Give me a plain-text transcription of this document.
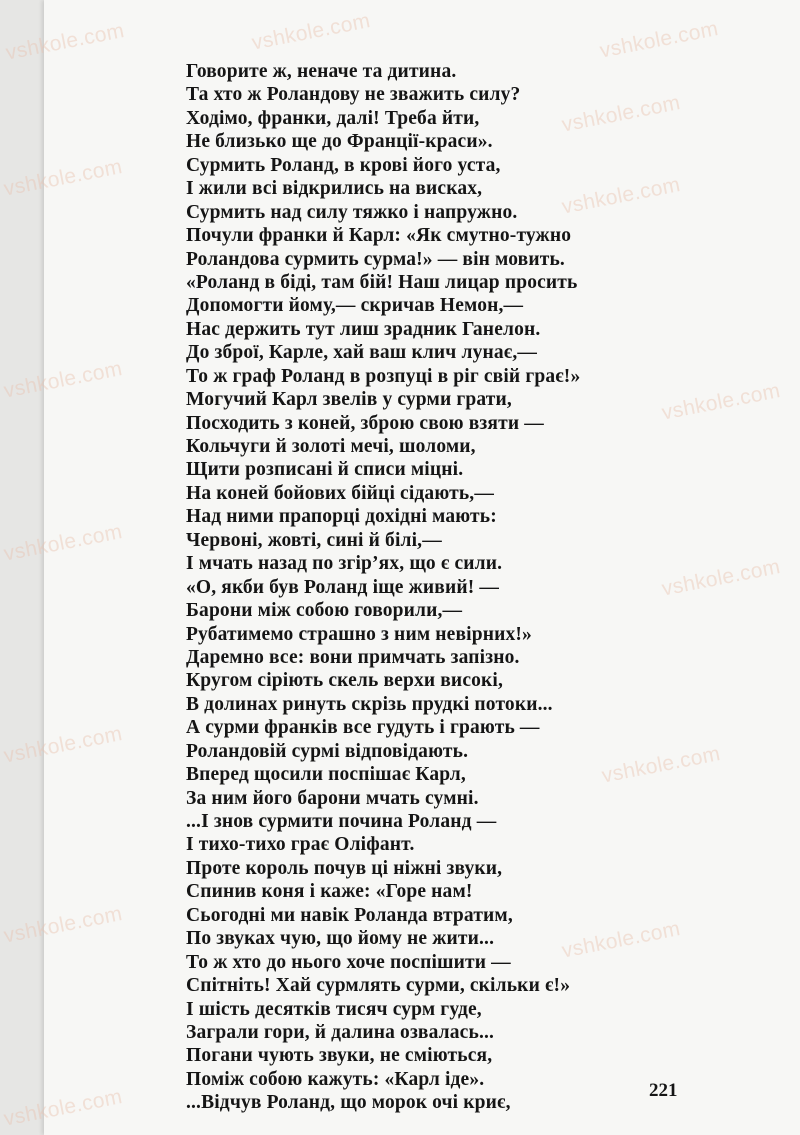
vshkole.com	vshkole.com	vshkole.com
vshkole.com
vshkole.com	vshkole.com
vshkole.com	vshkole.com
vshkole.com
vshkole.com
vshkole.com	vshkole.com
vshkole.com	vshkole.com
vshkole.com
Говорите ж, неначе та дитина.
Та хто ж Роландову не зважить силу?
Ходімо, франки, далі! Треба йти,
Не близько ще до Франції-краси».
Сурмить Роланд, в крові його уста,
І жили всі відкрились на висках,
Сурмить над силу тяжко і напружно.
Почули франки й Карл: «Як смутно-тужно
Роландова сурмить сурма!» — він мовить.
«Роланд в біді, там бій! Наш лицар просить
Допомогти йому,— скричав Немон,—
Нас держить тут лиш зрадник Ганелон.
До зброї, Карле, хай ваш клич лунає,—
То ж граф Роланд в розпуці в ріг свій грає!»
Могучий Карл звелів у сурми грати,
Посходить з коней, зброю свою взяти —
Кольчуги й золоті мечі, шоломи,
Щити розписані й списи міцні.
На коней бойових бійці сідають,—
Над ними прапорці дохідні мають:
Червоні, жовті, сині й білі,—
І мчать назад по згір’ях, що є сили.
«О, якби був Роланд іще живий! —
Барони між собою говорили,—
Рубатимемо страшно з ним невірних!»
Даремно все: вони примчать запізно.
Кругом сіріють скель верхи високі,
В долинах ринуть скрізь прудкі потоки...
А сурми франків все гудуть і грають —
Роландовій сурмі відповідають.
Вперед щосили поспішає Карл,
За ним його барони мчать сумні.
...І знов сурмити почина Роланд —
І тихо-тихо грає Оліфант.
Проте король почув ці ніжні звуки,
Спинив коня і каже: «Горе нам!
Сьогодні ми навік Роланда втратим,
По звуках чую, що йому не жити...
То ж хто до нього хоче поспішити —
Спітніть! Хай сурмлять сурми, скільки є!»
І шість десятків тисяч сурм гуде,
Заграли гори, й далина озвалась...
Погани чують звуки, не сміються,
Поміж собою кажуть: «Карл іде».
...Відчув Роланд, що морок очі криє,
221
